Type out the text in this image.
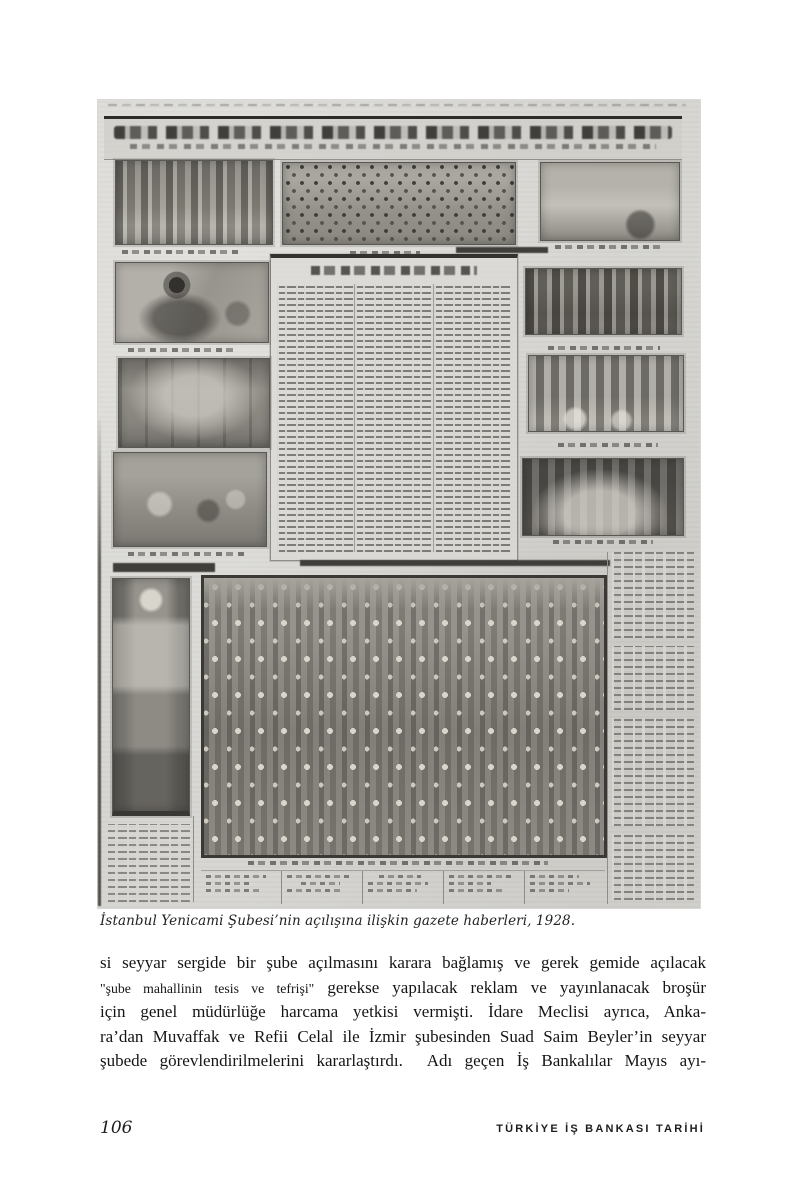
İstanbul Yenicami Şubesi’nin açılışına ilişkin gazete haberleri, 1928.
si seyyar sergide bir şube açılmasını karara bağlamış ve gerek gemide açılacak
"şube mahallinin tesis ve tefrişi" gerekse yapılacak reklam ve yayınlanacak broşür
için genel müdürlüğe harcama yetkisi vermişti. İdare Meclisi ayrıca, Anka-
ra’dan Muvaffak ve Refii Celal ile İzmir şubesinden Suad Saim Beyler’in seyyar
şubede görevlendirilmelerini kararlaştırdı.  Adı geçen İş Bankalılar Mayıs ayı-
106	TÜRKİYE İŞ BANKASI TARİHİ
